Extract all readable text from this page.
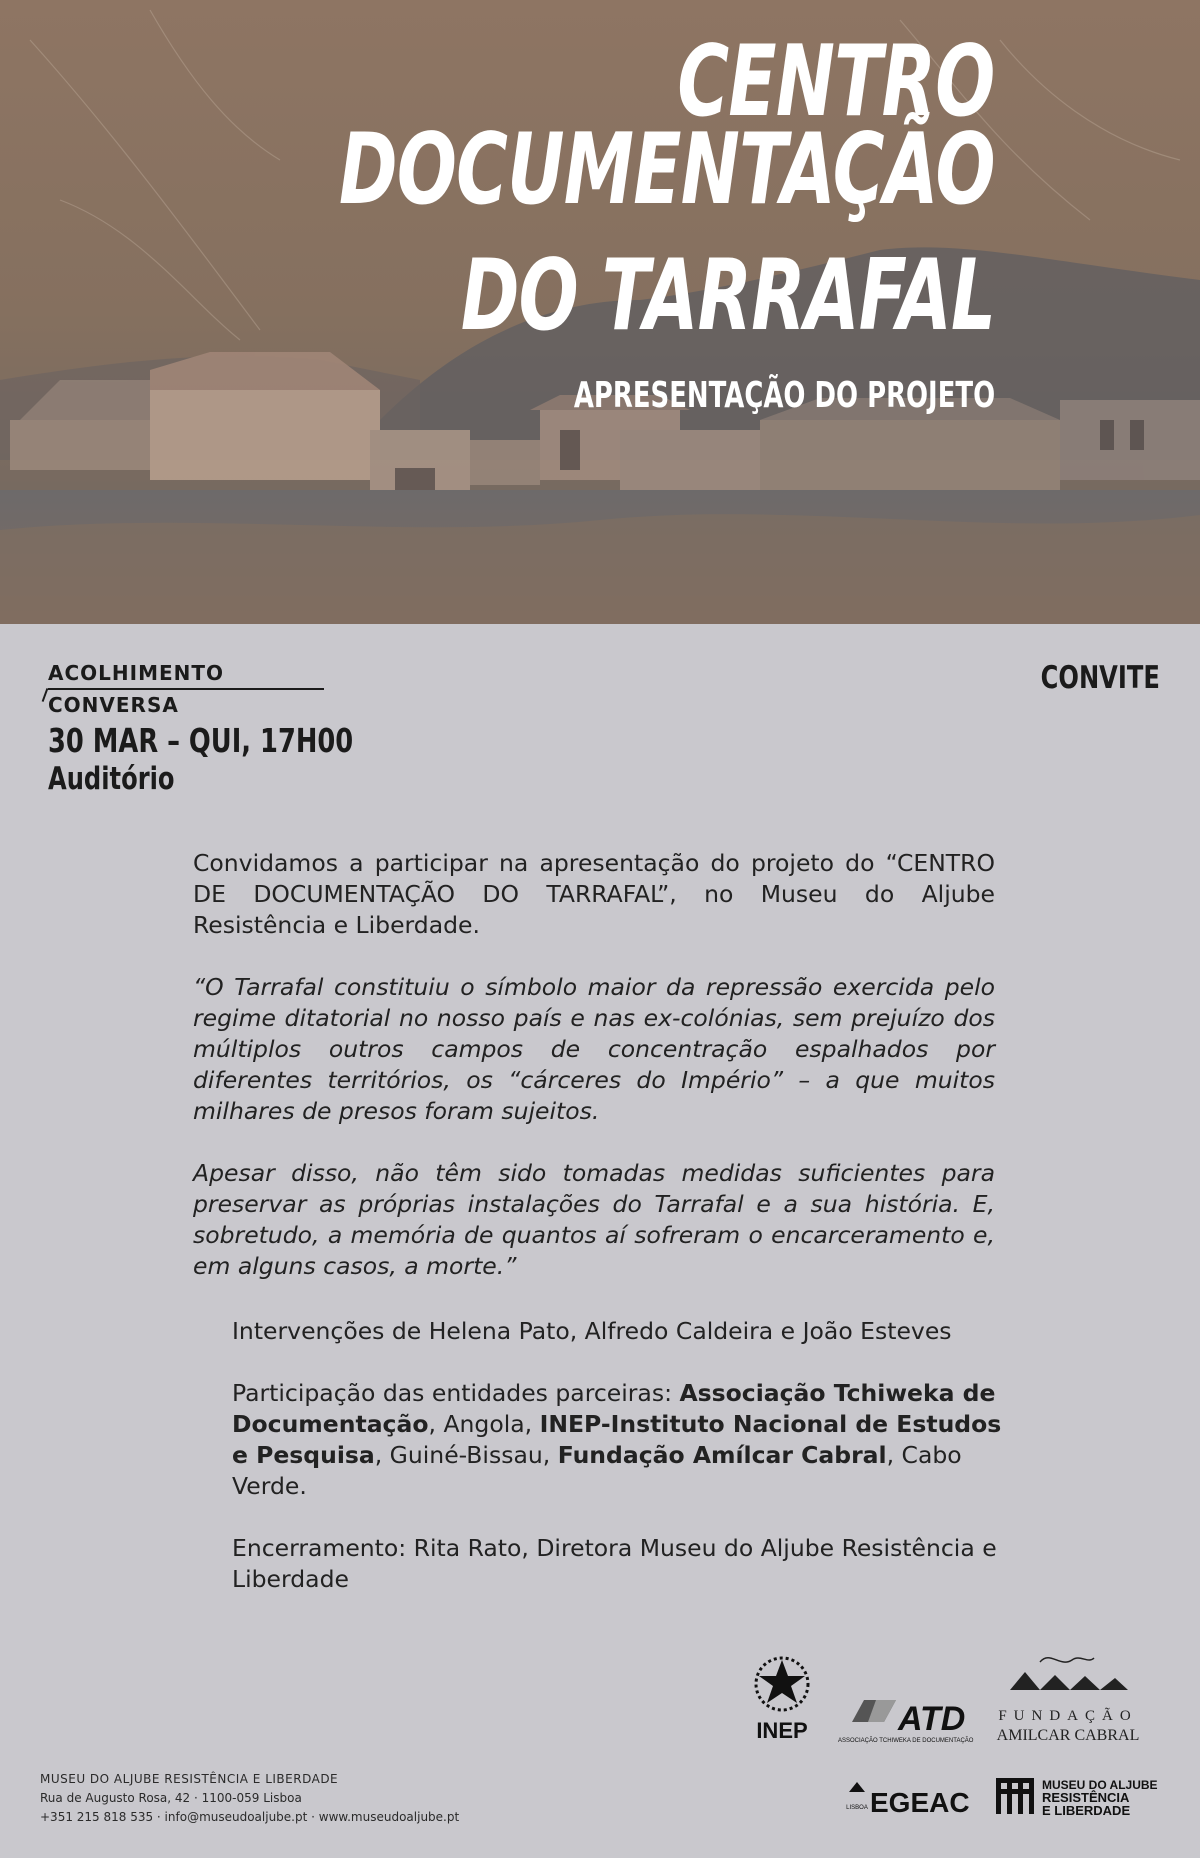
CENTRO
DOCUMENTAÇÃO
DO TARRAFAL
APRESENTAÇÃO DO PROJETO
ACOLHIMENTO
CONVERSA
30 MAR – QUI, 17H00
Auditório
CONVITE

Convidamos a participar na apresentação do projeto do “CENTRO DE DOCUMENTAÇÃO DO TARRAFAL”, no Museu do Aljube Resistência e Liberdade.

“O Tarrafal constituiu o símbolo maior da repressão exercida pelo regime ditatorial no nosso país e nas ex-colónias, sem prejuízo dos múltiplos outros campos de concentração espalhados por diferentes territórios, os “cárceres do Império” – a que muitos milhares de presos foram sujeitos.

Apesar disso, não têm sido tomadas medidas suficientes para preservar as próprias instalações do Tarrafal e a sua história. E, sobretudo, a memória de quantos aí sofreram o encarceramento e, em alguns casos, a morte.”

Intervenções de Helena Pato, Alfredo Caldeira e João Esteves

Participação das entidades parceiras: Associação Tchiweka de Documentação, Angola, INEP-Instituto Nacional de Estudos e Pesquisa, Guiné-Bissau, Fundação Amílcar Cabral, Cabo Verde.

Encerramento: Rita Rato, Diretora Museu do Aljube Resistência e Liberdade

INEP	ATD
ASSOCIAÇÃO TCHIWEKA DE DOCUMENTAÇÃO
FUNDAÇÃO
AMILCAR CABRAL
LISBOA EGEAC
MUSEU DO ALJUBE
RESISTÊNCIA
E LIBERDADE
MUSEU DO ALJUBE RESISTÊNCIA E LIBERDADE
Rua de Augusto Rosa, 42 · 1100-059 Lisboa
+351 215 818 535 · info@museudoaljube.pt · www.museudoaljube.pt
